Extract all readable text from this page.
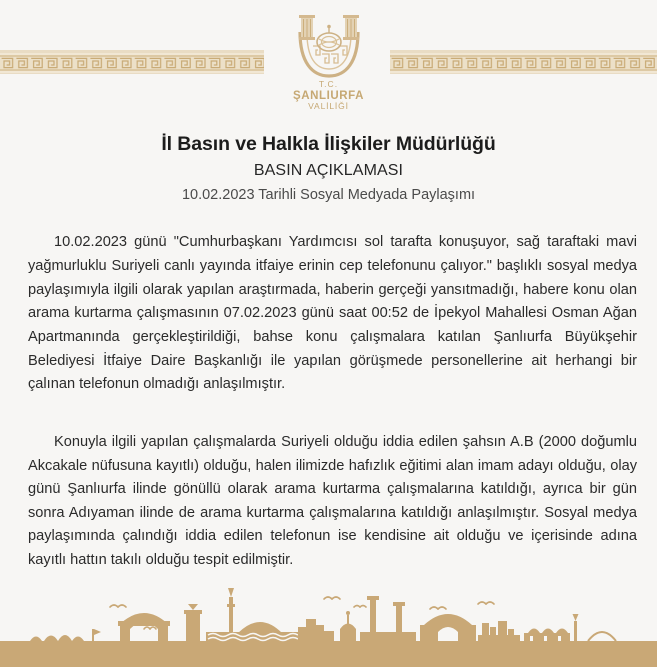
T.C.
ŞANLIURFA
VALİLİĞİ
İl Basın ve Halkla İlişkiler Müdürlüğü
BASIN AÇIKLAMASI
10.02.2023 Tarihli Sosyal Medyada Paylaşımı

10.02.2023 günü "Cumhurbaşkanı Yardımcısı sol tarafta konuşuyor, sağ taraftaki mavi yağmurluklu Suriyeli canlı yayında itfaiye erinin cep telefonunu çalıyor." başlıklı sosyal medya paylaşımıyla ilgili olarak yapılan araştırmada, haberin gerçeği yansıtmadığı, habere konu olan arama kurtarma çalışmasının 07.02.2023 günü saat 00:52 de İpekyol Mahallesi Osman Ağan Apartmanında gerçekleştirildiği, bahse konu çalışmalara katılan Şanlıurfa Büyükşehir Belediyesi İtfaiye Daire Başkanlığı ile yapılan görüşmede personellerine ait herhangi bir çalınan telefonun olmadığı anlaşılmıştır.

Konuyla ilgili yapılan çalışmalarda Suriyeli olduğu iddia edilen şahsın A.B (2000 doğumlu Akcakale nüfusuna kayıtlı) olduğu, halen ilimizde hafızlık eğitimi alan imam adayı olduğu, olay günü Şanlıurfa ilinde gönüllü olarak arama kurtarma çalışmalarına katıldığı, ayrıca bir gün sonra Adıyaman ilinde de arama kurtarma çalışmalarına katıldığı anlaşılmıştır. Sosyal medya paylaşımında çalındığı iddia edilen telefonun ise kendisine ait olduğu ve içerisinde adına kayıtlı hattın takılı olduğu tespit edilmiştir.
